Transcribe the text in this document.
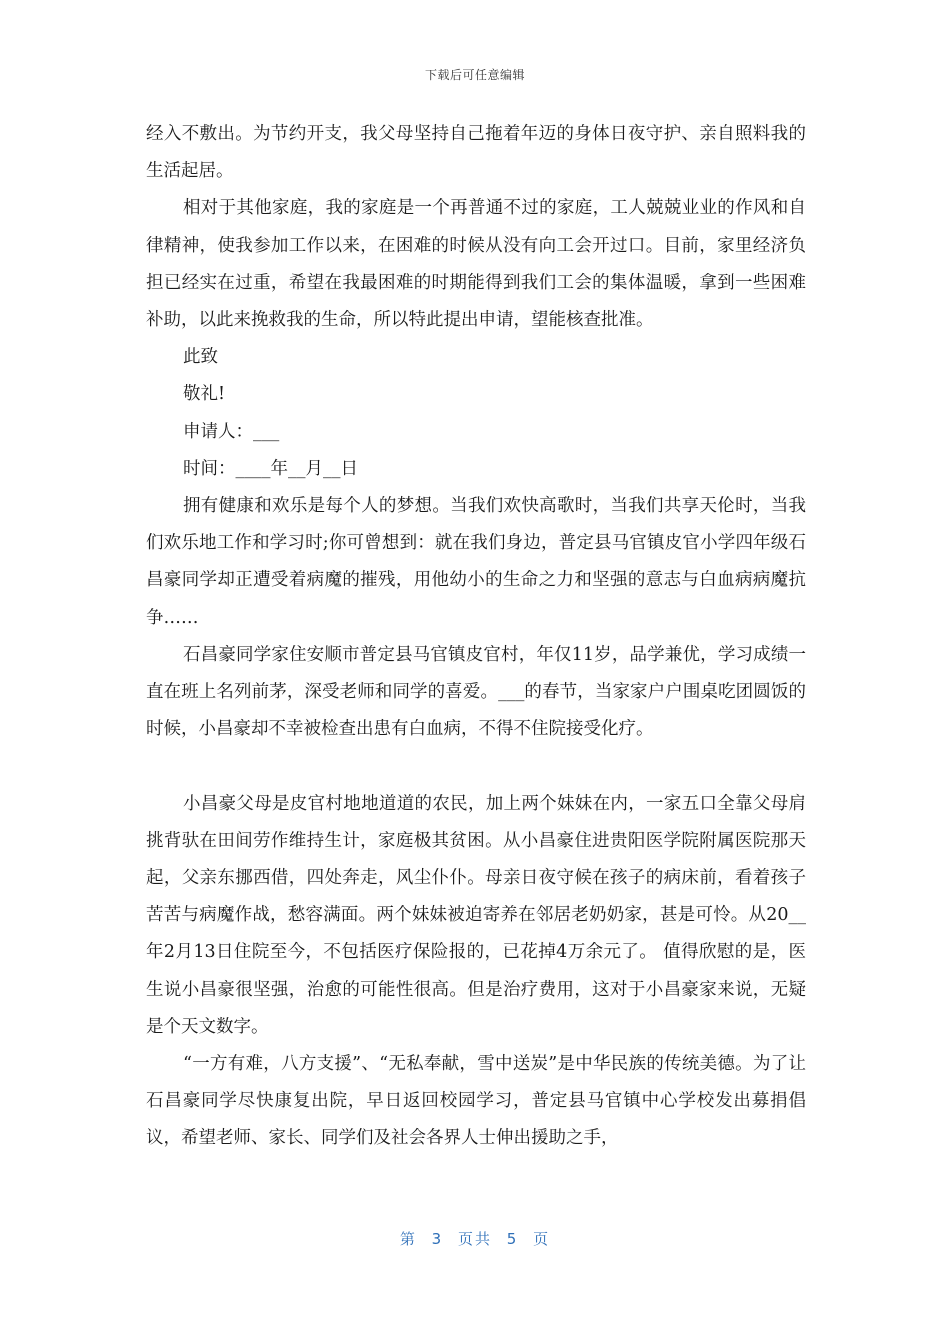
下载后可任意编辑

经入不敷出。为节约开支，我父母坚持自己拖着年迈的身体日夜守护、亲自照料我的生活起居。

相对于其他家庭，我的家庭是一个再普通不过的家庭，工人兢兢业业的作风和自律精神，使我参加工作以来，在困难的时候从没有向工会开过口。目前，家里经济负担已经实在过重，希望在我最困难的时期能得到我们工会的集体温暖，拿到一些困难补助，以此来挽救我的生命，所以特此提出申请，望能核查批准。

此致

敬礼!

申请人：___

时间：____年__月__日

拥有健康和欢乐是每个人的梦想。当我们欢快高歌时，当我们共享天伦时，当我们欢乐地工作和学习时;你可曾想到：就在我们身边，普定县马官镇皮官小学四年级石昌豪同学却正遭受着病魔的摧残，用他幼小的生命之力和坚强的意志与白血病病魔抗争……

石昌豪同学家住安顺市普定县马官镇皮官村，年仅11岁，品学兼优，学习成绩一直在班上名列前茅，深受老师和同学的喜爱。___的春节，当家家户户围桌吃团圆饭的时候，小昌豪却不幸被检查出患有白血病，不得不住院接受化疗。

小昌豪父母是皮官村地地道道的农民，加上两个妹妹在内，一家五口全靠父母肩挑背驮在田间劳作维持生计，家庭极其贫困。从小昌豪住进贵阳医学院附属医院那天起，父亲东挪西借，四处奔走，风尘仆仆。母亲日夜守候在孩子的病床前，看着孩子苦苦与病魔作战，愁容满面。两个妹妹被迫寄养在邻居老奶奶家，甚是可怜。从20__年2月13日住院至今，不包括医疗保险报的，已花掉4万余元了。 值得欣慰的是，医生说小昌豪很坚强，治愈的可能性很高。但是治疗费用，这对于小昌豪家来说，无疑是个天文数字。

“一方有难，八方支援”、“无私奉献，雪中送炭”是中华民族的传统美德。为了让石昌豪同学尽快康复出院，早日返回校园学习，普定县马官镇中心学校发出募捐倡议，希望老师、家长、同学们及社会各界人士伸出援助之手，

第 3 页共 5 页
